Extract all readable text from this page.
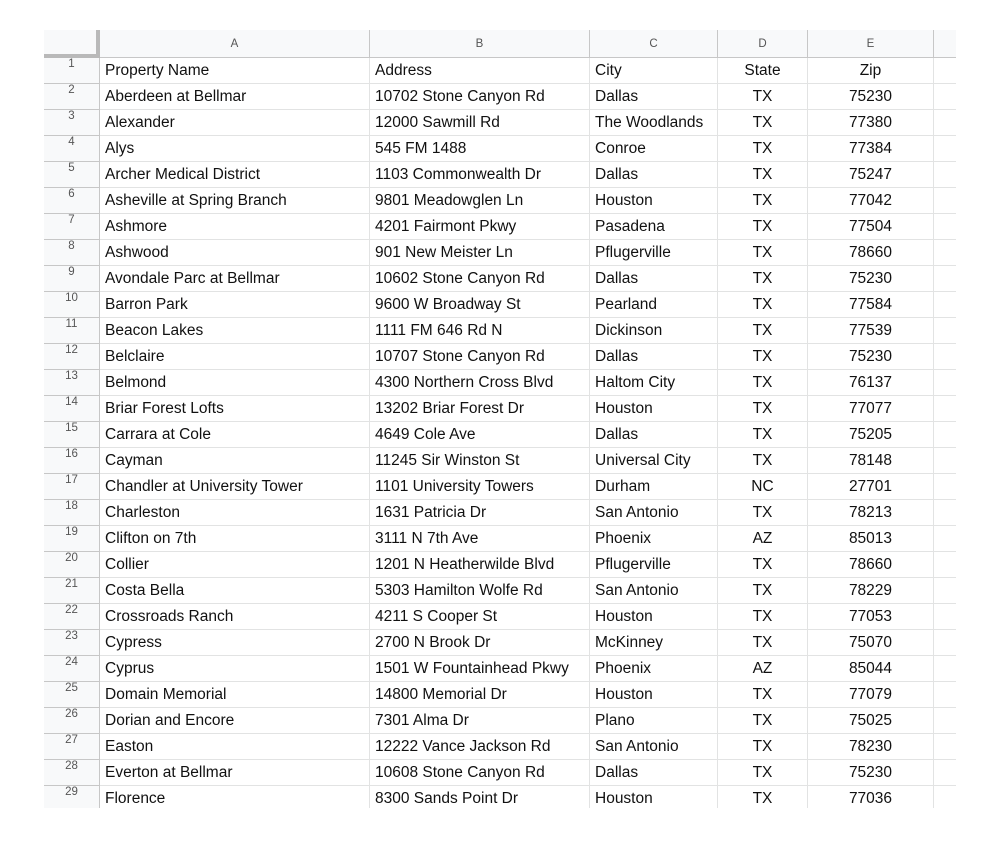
A	B	C	D	E
1	Property Name	Address	City	State	Zip
2	Aberdeen at Bellmar	10702 Stone Canyon Rd	Dallas	TX	75230
3	Alexander	12000 Sawmill Rd	The Woodlands	TX	77380
4	Alys	545 FM 1488	Conroe	TX	77384
5	Archer Medical District	1103 Commonwealth Dr	Dallas	TX	75247
6	Asheville at Spring Branch	9801 Meadowglen Ln	Houston	TX	77042
7	Ashmore	4201 Fairmont Pkwy	Pasadena	TX	77504
8	Ashwood	901 New Meister Ln	Pflugerville	TX	78660
9	Avondale Parc at Bellmar	10602 Stone Canyon Rd	Dallas	TX	75230
10	Barron Park	9600 W Broadway St	Pearland	TX	77584
11	Beacon Lakes	1111 FM 646 Rd N	Dickinson	TX	77539
12	Belclaire	10707 Stone Canyon Rd	Dallas	TX	75230
13	Belmond	4300 Northern Cross Blvd	Haltom City	TX	76137
14	Briar Forest Lofts	13202 Briar Forest Dr	Houston	TX	77077
15	Carrara at Cole	4649 Cole Ave	Dallas	TX	75205
16	Cayman	11245 Sir Winston St	Universal City	TX	78148
17	Chandler at University Tower	1101 University Towers	Durham	NC	27701
18	Charleston	1631 Patricia Dr	San Antonio	TX	78213
19	Clifton on 7th	3111 N 7th Ave	Phoenix	AZ	85013
20	Collier	1201 N Heatherwilde Blvd	Pflugerville	TX	78660
21	Costa Bella	5303 Hamilton Wolfe Rd	San Antonio	TX	78229
22	Crossroads Ranch	4211 S Cooper St	Houston	TX	77053
23	Cypress	2700 N Brook Dr	McKinney	TX	75070
24	Cyprus	1501 W Fountainhead Pkwy	Phoenix	AZ	85044
25	Domain Memorial	14800 Memorial Dr	Houston	TX	77079
26	Dorian and Encore	7301 Alma Dr	Plano	TX	75025
27	Easton	12222 Vance Jackson Rd	San Antonio	TX	78230
28	Everton at Bellmar	10608 Stone Canyon Rd	Dallas	TX	75230
29	Florence	8300 Sands Point Dr	Houston	TX	77036
